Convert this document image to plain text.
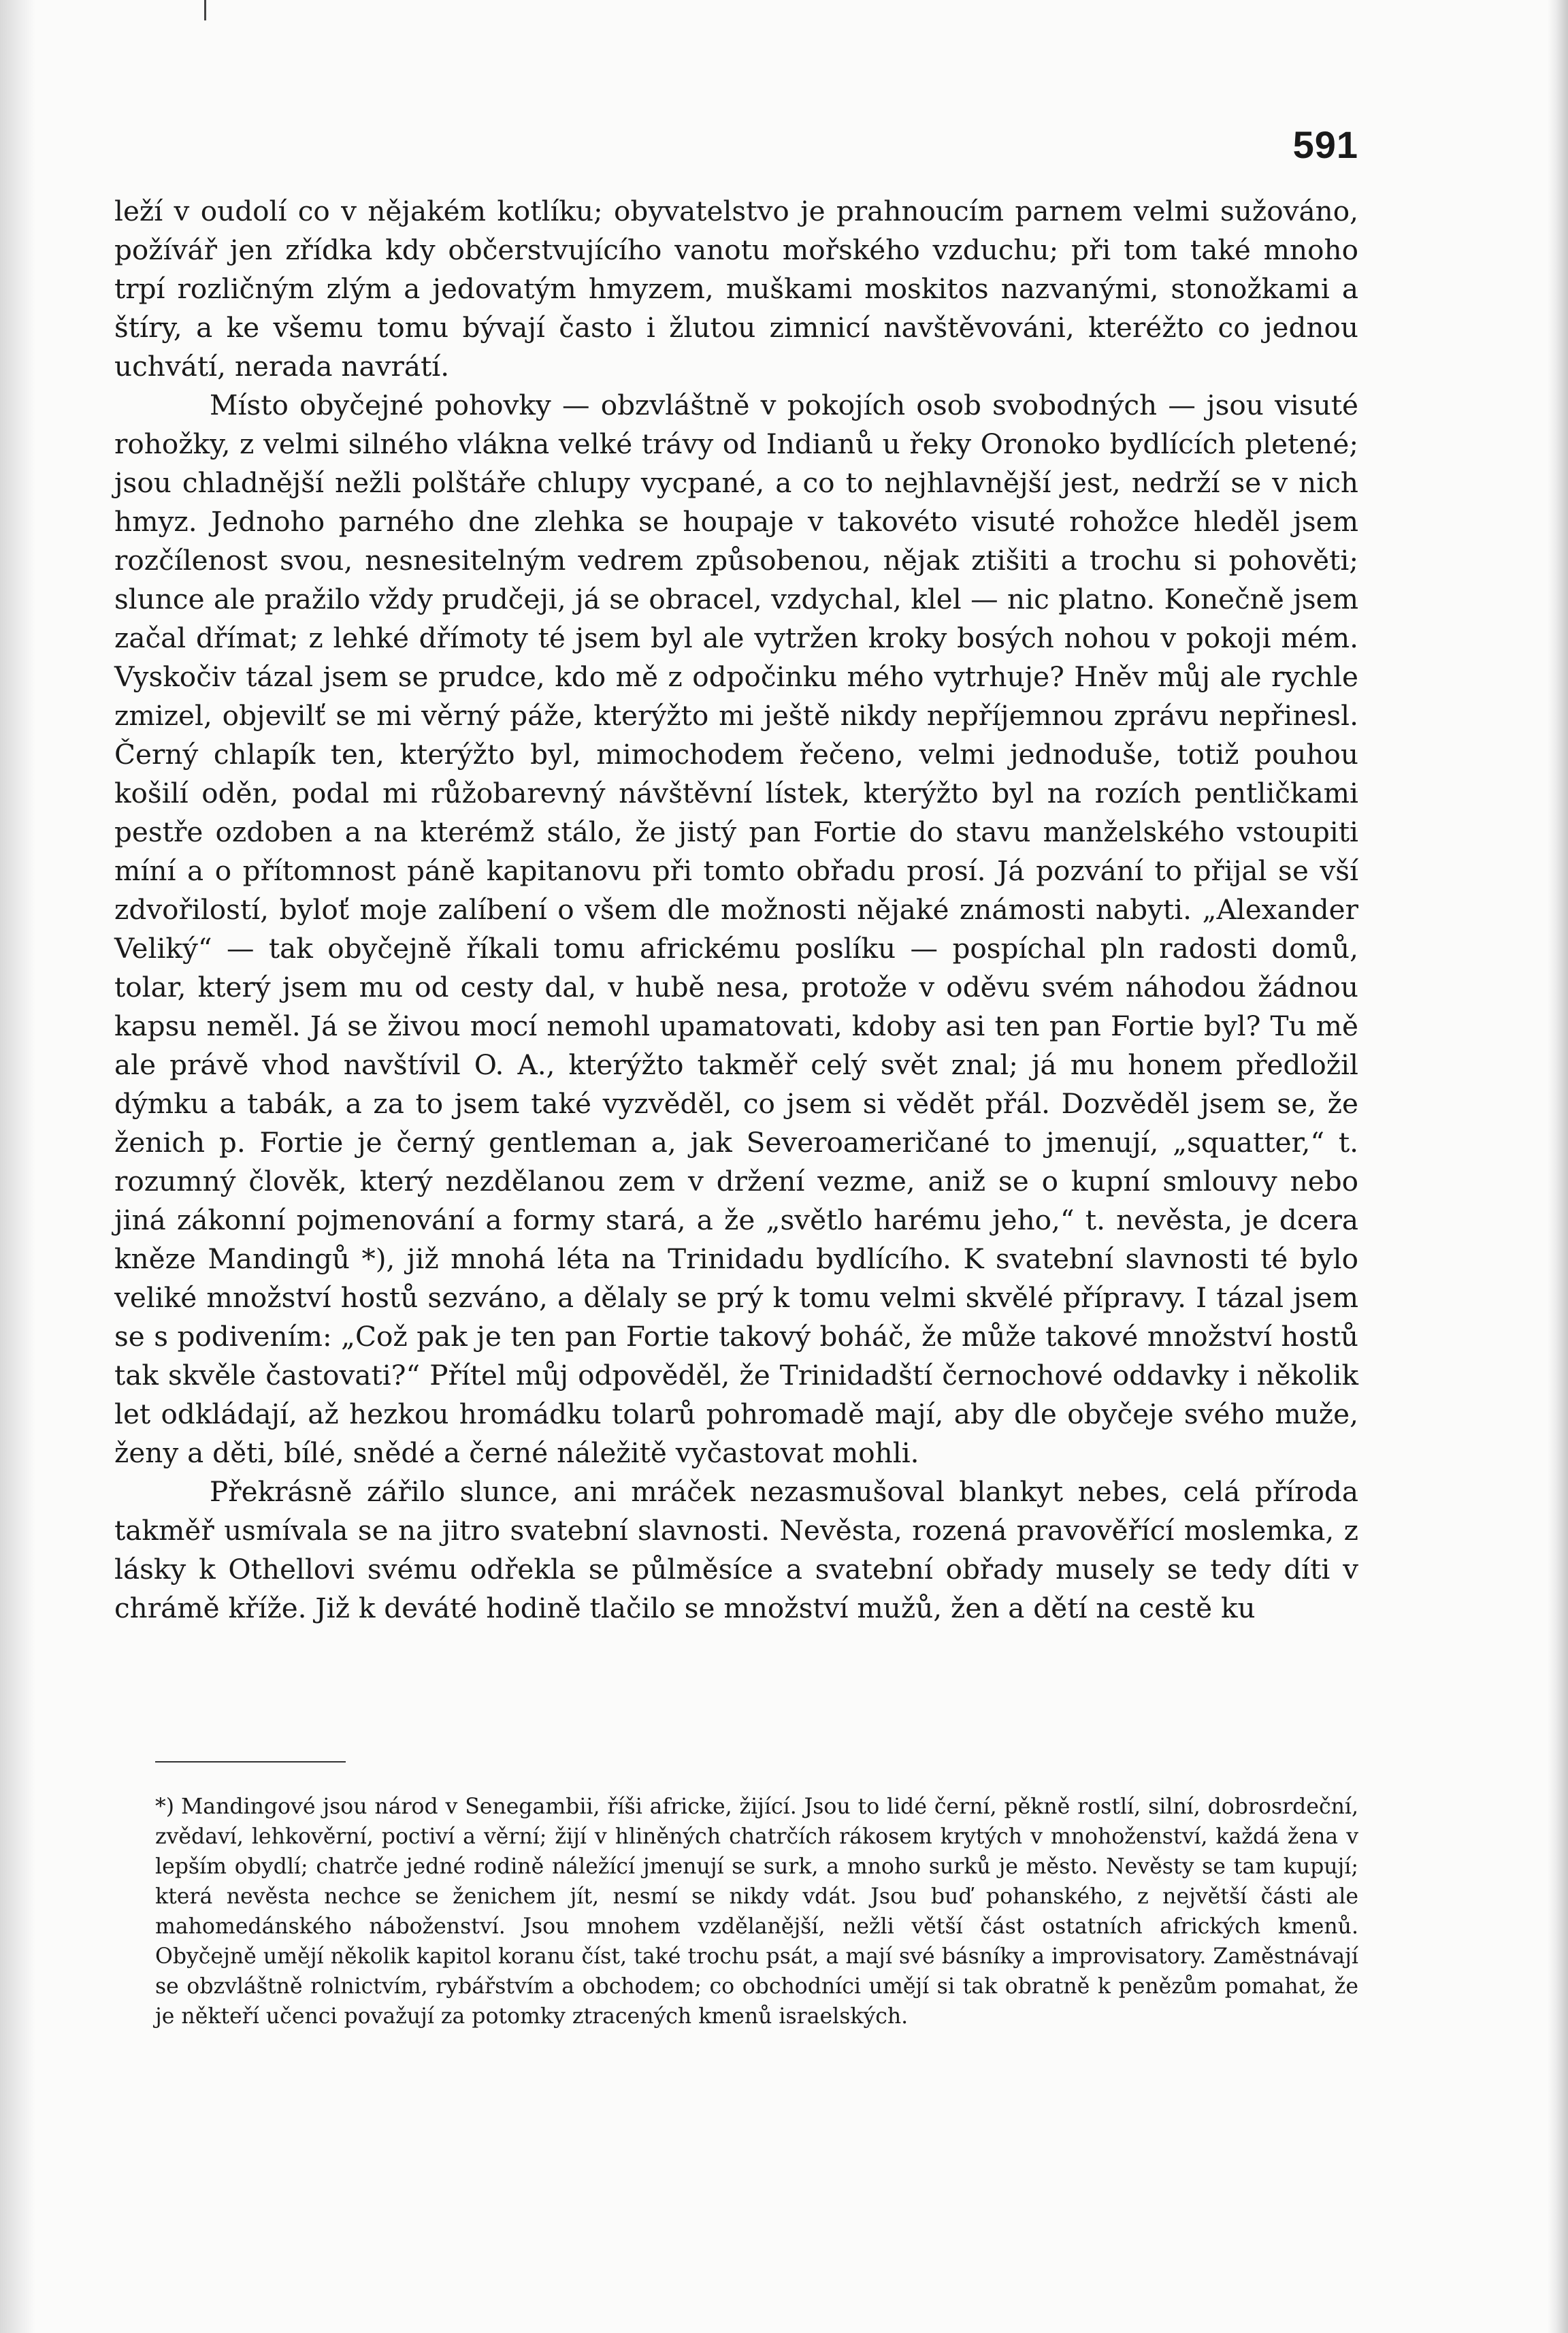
591

leží v oudolí co v nějakém kotlíku; obyvatelstvo je prahnoucím parnem velmi sužováno, požívář jen zřídka kdy občerstvujícího vanotu mořského vzduchu; při tom také mnoho trpí rozličným zlým a jedovatým hmyzem, muškami moskitos nazvanými, stonožkami a štíry, a ke všemu tomu bývají často i žlutou zimnicí navštěvováni, kteréžto co jednou uchvátí, nerada navrátí.

Místo obyčejné pohovky — obzvláštně v pokojích osob svobodných — jsou visuté rohožky, z velmi silného vlákna velké trávy od Indianů u řeky Oronoko bydlících pletené; jsou chladnější nežli polštáře chlupy vycpané, a co to nejhlavnější jest, nedrží se v nich hmyz. Jednoho parného dne zlehka se houpaje v takovéto visuté rohožce hleděl jsem rozčílenost svou, nesnesitelným vedrem způsobenou, nějak ztišiti a trochu si pohověti; slunce ale pražilo vždy prudčeji, já se obracel, vzdychal, klel — nic platno. Konečně jsem začal dřímat; z lehké dřímoty té jsem byl ale vytržen kroky bosých nohou v pokoji mém. Vyskočiv tázal jsem se prudce, kdo mě z odpočinku mého vytrhuje? Hněv můj ale rychle zmizel, objevilť se mi věrný páže, kterýžto mi ještě nikdy nepříjemnou zprávu nepřinesl. Černý chlapík ten, kterýžto byl, mimochodem řečeno, velmi jednoduše, totiž pouhou košilí oděn, podal mi růžobarevný návštěvní lístek, kterýžto byl na rozích pentličkami pestře ozdoben a na kterémž stálo, že jistý pan Fortie do stavu manželského vstoupiti míní a o přítomnost páně kapitanovu při tomto obřadu prosí. Já pozvání to přijal se vší zdvořilostí, byloť moje zalíbení o všem dle možnosti nějaké známosti nabyti. „Alexander Veliký“ — tak obyčejně říkali tomu africkému poslíku — pospíchal pln radosti domů, tolar, který jsem mu od cesty dal, v hubě nesa, protože v oděvu svém náhodou žádnou kapsu neměl. Já se živou mocí nemohl upamatovati, kdoby asi ten pan Fortie byl? Tu mě ale právě vhod navštívil O. A., kterýžto takměř celý svět znal; já mu honem předložil dýmku a tabák, a za to jsem také vyzvěděl, co jsem si vědět přál. Dozvěděl jsem se, že ženich p. Fortie je černý gentleman a, jak Severoameričané to jmenují, „squatter,“ t. rozumný člověk, který nezdělanou zem v držení vezme, aniž se o kupní smlouvy nebo jiná zákonní pojmenování a formy stará, a že „světlo harému jeho,“ t. nevěsta, je dcera kněze Mandingů *), již mnohá léta na Trinidadu bydlícího. K svatební slavnosti té bylo veliké množství hostů sezváno, a dělaly se prý k tomu velmi skvělé přípravy. I tázal jsem se s podivením: „Což pak je ten pan Fortie takový boháč, že může takové množství hostů tak skvěle častovati?“ Přítel můj odpověděl, že Trinidadští černochové oddavky i několik let odkládají, až hezkou hromádku tolarů pohromadě mají, aby dle obyčeje svého muže, ženy a děti, bílé, snědé a černé náležitě vyčastovat mohli.

Překrásně zářilo slunce, ani mráček nezasmušoval blankyt nebes, celá příroda takměř usmívala se na jitro svatební slavnosti. Nevěsta, rozená pravověřící moslemka, z lásky k Othellovi svému odřekla se půlměsíce a svatební obřady musely se tedy díti v chrámě kříže. Již k deváté hodině tlačilo se množství mužů, žen a dětí na cestě ku

*) Mandingové jsou národ v Senegambii, říši africke, žijící. Jsou to lidé černí, pěkně rostlí, silní, dobrosrdeční, zvědaví, lehkověrní, poctiví a věrní; žijí v hliněných chatrčích rákosem krytých v mnohoženství, každá žena v lepším obydlí; chatrče jedné rodině náležící jmenují se surk, a mnoho surků je město. Nevěsty se tam kupují; která nevěsta nechce se ženichem jít, nesmí se nikdy vdát. Jsou buď pohanského, z největší části ale mahomedánského náboženství. Jsou mnohem vzdělanější, nežli větší část ostatních afrických kmenů. Obyčejně umějí několik kapitol koranu číst, také trochu psát, a mají své básníky a improvisatory. Zaměstnávají se obzvláštně rolnictvím, rybářstvím a obchodem; co obchodníci umějí si tak obratně k penězům pomahat, že je někteří učenci považují za potomky ztracených kmenů israelských.
